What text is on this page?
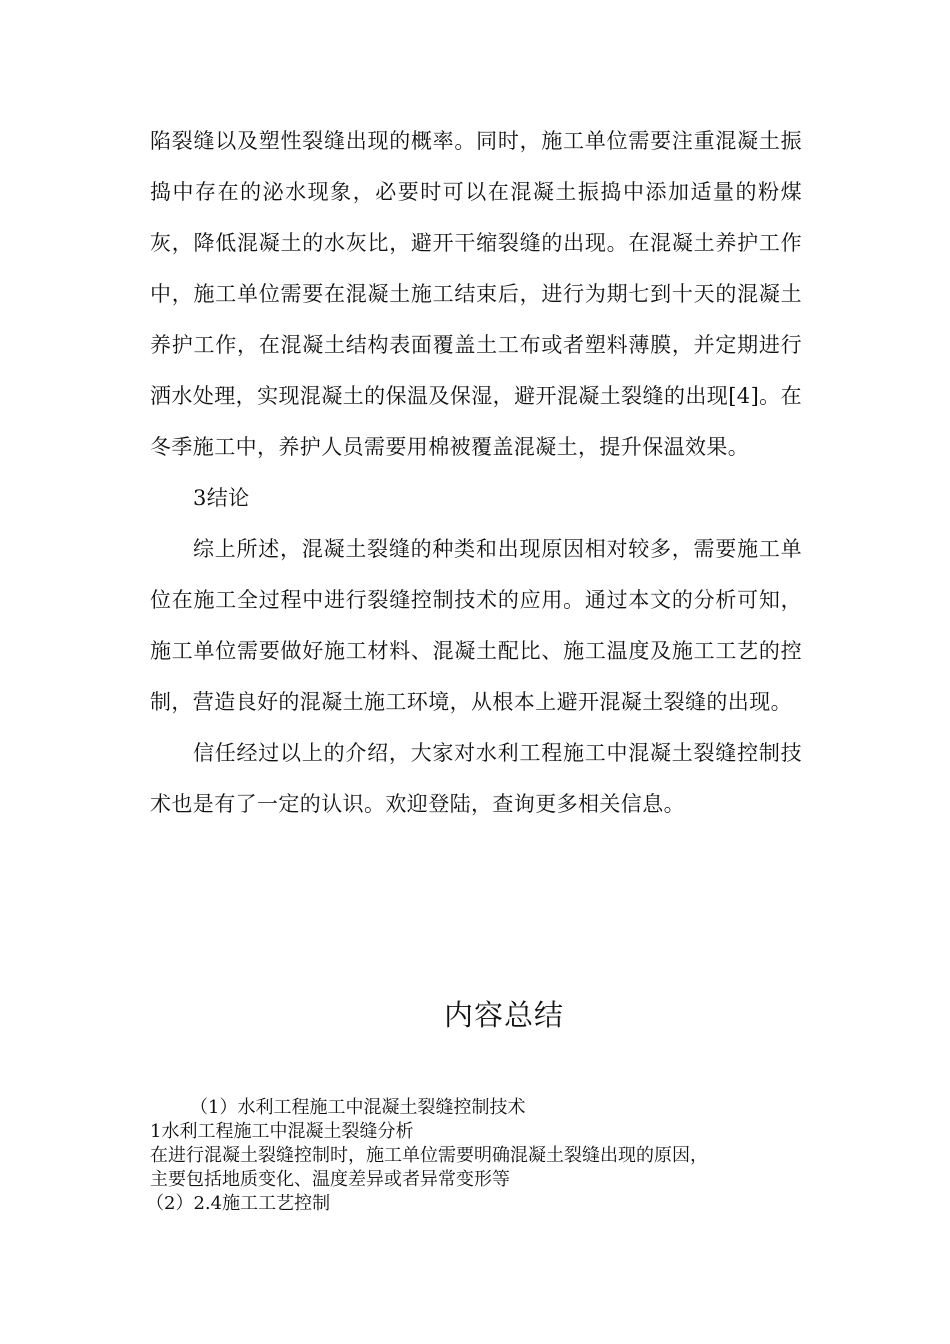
陷裂缝以及塑性裂缝出现的概率。同时，施工单位需要注重混凝土振捣中存在的泌水现象，必要时可以在混凝土振捣中添加适量的粉煤灰，降低混凝土的水灰比，避开干缩裂缝的出现。在混凝土养护工作中，施工单位需要在混凝土施工结束后，进行为期七到十天的混凝土养护工作，在混凝土结构表面覆盖土工布或者塑料薄膜，并定期进行洒水处理，实现混凝土的保温及保湿，避开混凝土裂缝的出现[4]。在冬季施工中，养护人员需要用棉被覆盖混凝土，提升保温效果。

3结论

综上所述，混凝土裂缝的种类和出现原因相对较多，需要施工单位在施工全过程中进行裂缝控制技术的应用。通过本文的分析可知，施工单位需要做好施工材料、混凝土配比、施工温度及施工工艺的控制，营造良好的混凝土施工环境，从根本上避开混凝土裂缝的出现。

信任经过以上的介绍，大家对水利工程施工中混凝土裂缝控制技术也是有了一定的认识。欢迎登陆，查询更多相关信息。

内容总结
（1）水利工程施工中混凝土裂缝控制技术
1水利工程施工中混凝土裂缝分析
在进行混凝土裂缝控制时，施工单位需要明确混凝土裂缝出现的原因，
主要包括地质变化、温度差异或者异常变形等
（2）2.4施工工艺控制
